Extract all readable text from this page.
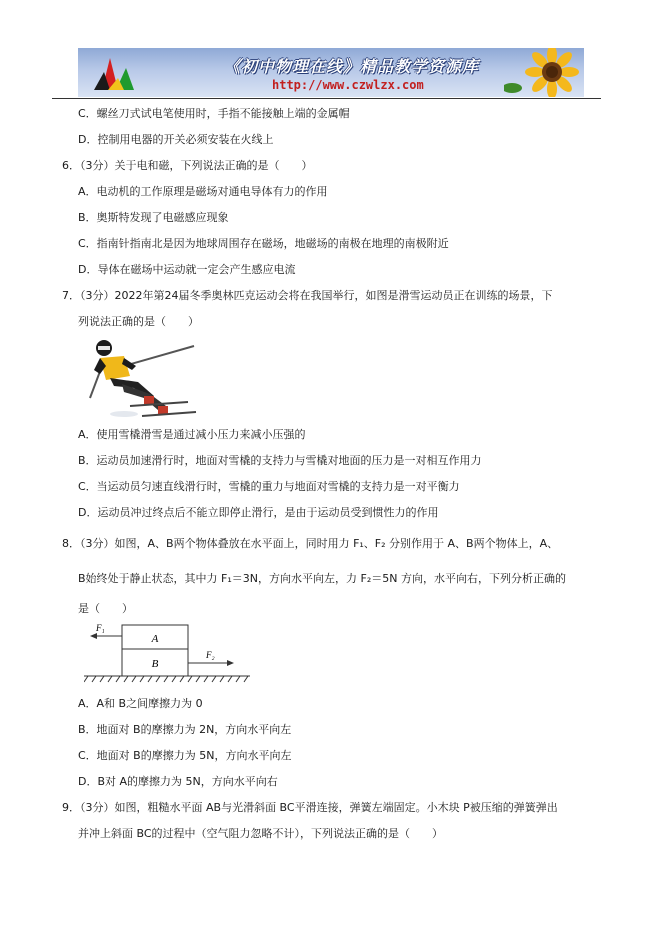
《初中物理在线》精品教学资源库
http://www.czwlzx.com
C．螺丝刀式试电笔使用时，手指不能接触上端的金属帽
D．控制用电器的开关必须安装在火线上
6．（3分）关于电和磁，下列说法正确的是（　　）
A．电动机的工作原理是磁场对通电导体有力的作用
B．奥斯特发现了电磁感应现象
C．指南针指南北是因为地球周围存在磁场，地磁场的南极在地理的南极附近
D．导体在磁场中运动就一定会产生感应电流
7．（3分）2022年第24届冬季奥林匹克运动会将在我国举行，如图是滑雪运动员正在训练的场景，下
列说法正确的是（　　）
A．使用雪橇滑雪是通过减小压力来减小压强的
B．运动员加速滑行时，地面对雪橇的支持力与雪橇对地面的压力是一对相互作用力
C．当运动员匀速直线滑行时，雪橇的重力与地面对雪橇的支持力是一对平衡力
D．运动员冲过终点后不能立即停止滑行，是由于运动员受到惯性力的作用
8．（3分）如图，A、B两个物体叠放在水平面上，同时用力 F₁、F₂ 分别作用于 A、B两个物体上，A、
B始终处于静止状态，其中力 F₁＝3N，方向水平向左，力 F₂＝5N 方向，水平向右，下列分析正确的
是（　　）
A
B
F₁
F₂
A．A和 B之间摩擦力为 0
B．地面对 B的摩擦力为 2N，方向水平向左
C．地面对 B的摩擦力为 5N，方向水平向左
D．B对 A的摩擦力为 5N，方向水平向右
9．（3分）如图，粗糙水平面 AB与光滑斜面 BC平滑连接，弹簧左端固定。小木块 P被压缩的弹簧弹出
并冲上斜面 BC的过程中（空气阻力忽略不计），下列说法正确的是（　　）
